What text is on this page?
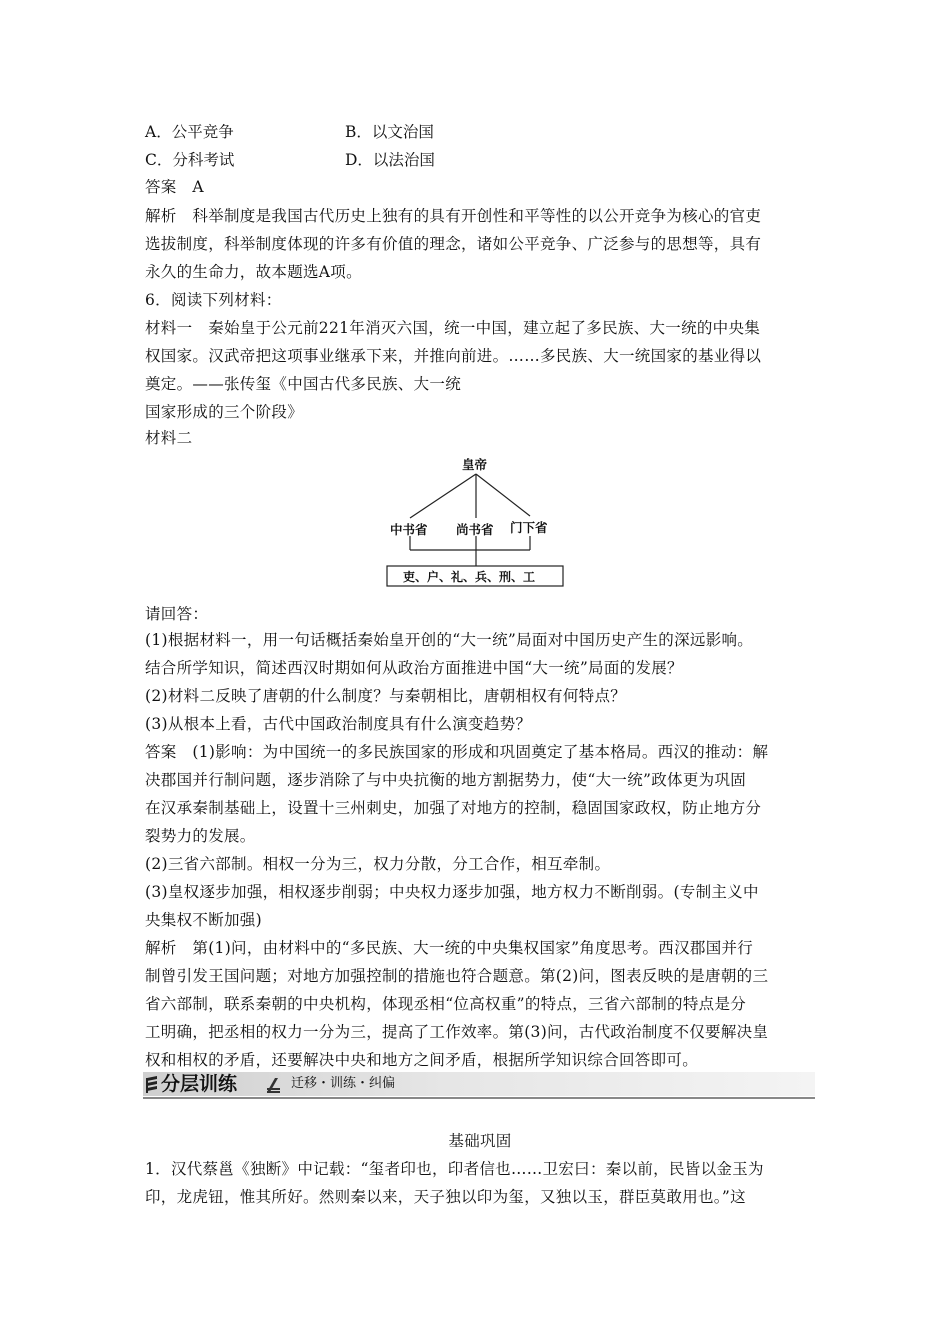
A．公平竞争	B．以文治国
C．分科考试	D．以法治国
答案　A
解析　科举制度是我国古代历史上独有的具有开创性和平等性的以公开竞争为核心的官吏
选拔制度，科举制度体现的许多有价值的理念，诸如公平竞争、广泛参与的思想等，具有
永久的生命力，故本题选A项。
6．阅读下列材料：
材料一　秦始皇于公元前221年消灭六国，统一中国，建立起了多民族、大一统的中央集
权国家。汉武帝把这项事业继承下来，并推向前进。……多民族、大一统国家的基业得以
奠定。——张传玺《中国古代多民族、大一统
国家形成的三个阶段》
材料二
皇帝
中书省 尚书省 门下省
吏、户、礼、兵、刑、工
请回答：
(1)根据材料一，用一句话概括秦始皇开创的“大一统”局面对中国历史产生的深远影响。
结合所学知识，简述西汉时期如何从政治方面推进中国“大一统”局面的发展？
(2)材料二反映了唐朝的什么制度？与秦朝相比，唐朝相权有何特点？
(3)从根本上看，古代中国政治制度具有什么演变趋势？
答案　(1)影响：为中国统一的多民族国家的形成和巩固奠定了基本格局。西汉的推动：解
决郡国并行制问题，逐步消除了与中央抗衡的地方割据势力，使“大一统”政体更为巩固
在汉承秦制基础上，设置十三州刺史，加强了对地方的控制，稳固国家政权，防止地方分
裂势力的发展。
(2)三省六部制。相权一分为三，权力分散，分工合作，相互牵制。
(3)皇权逐步加强，相权逐步削弱；中央权力逐步加强，地方权力不断削弱。(专制主义中
央集权不断加强)
解析　第(1)问，由材料中的“多民族、大一统的中央集权国家”角度思考。西汉郡国并行
制曾引发王国问题；对地方加强控制的措施也符合题意。第(2)问，图表反映的是唐朝的三
省六部制，联系秦朝的中央机构，体现丞相“位高权重”的特点，三省六部制的特点是分
工明确，把丞相的权力一分为三，提高了工作效率。第(3)问，古代政治制度不仅要解决皇
权和相权的矛盾，还要解决中央和地方之间矛盾，根据所学知识综合回答即可。
分层训练	迁移・训练・纠偏
基础巩固
1．汉代蔡邕《独断》中记载：“玺者印也，印者信也……卫宏曰：秦以前，民皆以金玉为
印，龙虎钮，惟其所好。然则秦以来，天子独以印为玺，又独以玉，群臣莫敢用也。”这
